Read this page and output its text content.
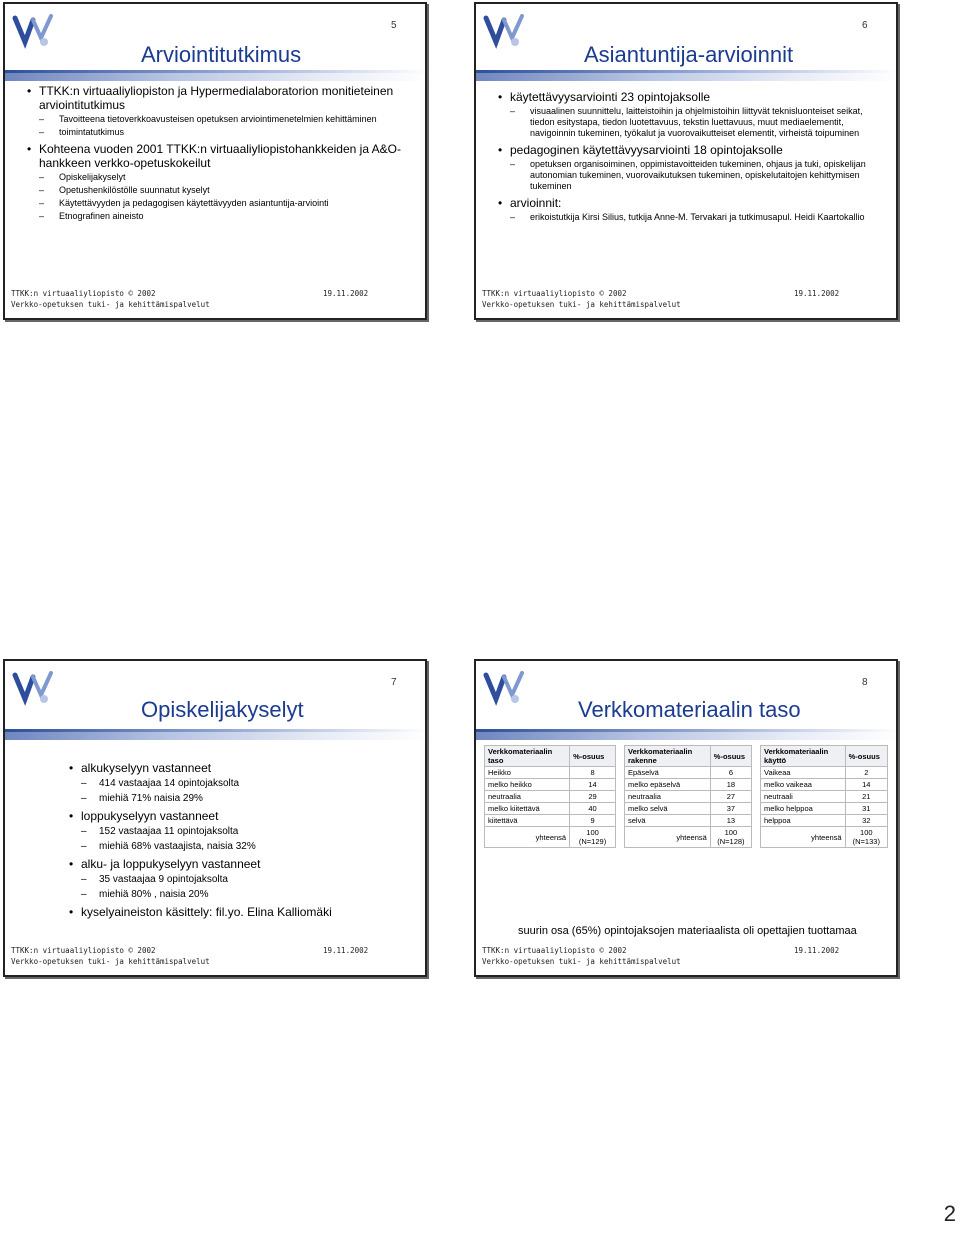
5
Arviointitutkimus
• TTKK:n virtuaaliyliopiston ja Hypermedialaboratorion monitieteinen arviointitutkimus
– Tavoitteena tietoverkkoavusteisen opetuksen arviointimenetelmien kehittäminen
– toimintatutkimus
• Kohteena vuoden 2001 TTKK:n virtuaaliyliopistohankkeiden ja A&O-hankkeen verkko-opetuskokeilut
– Opiskelijakyselyt
– Opetushenkilöstölle suunnatut kyselyt
– Käytettävyyden ja pedagogisen käytettävyyden asiantuntija-arviointi
– Etnografinen aineisto
TTKK:n virtuaaliyliopisto © 2002
Verkko-opetuksen tuki- ja kehittämispalvelut
19.11.2002
6
Asiantuntija-arvioinnit
• käytettävyysarviointi 23 opintojaksolle
– visuaalinen suunnittelu, laitteistoihin ja ohjelmistoihin liittyvät teknisluonteiset seikat, tiedon esitystapa, tiedon luotettavuus, tekstin luettavuus, muut mediaelementit, navigoinnin tukeminen, työkalut ja vuorovaikutteiset elementit, virheistä toipuminen
• pedagoginen käytettävyysarviointi 18 opintojaksolle
– opetuksen organisoiminen, oppimistavoitteiden tukeminen, ohjaus ja tuki, opiskelijan autonomian tukeminen, vuorovaikutuksen tukeminen, opiskelutaitojen kehittymisen tukeminen
• arvioinnit:
– erikoistutkija Kirsi Silius, tutkija Anne-M. Tervakari ja tutkimusapul. Heidi Kaartokallio
TTKK:n virtuaaliyliopisto © 2002
Verkko-opetuksen tuki- ja kehittämispalvelut
19.11.2002
7
Opiskelijakyselyt
• alkukyselyyn vastanneet
– 414 vastaajaa 14 opintojaksolta
– miehiä 71% naisia 29%
• loppukyselyyn vastanneet
– 152 vastaajaa 11 opintojaksolta
– miehiä 68% vastaajista, naisia 32%
• alku- ja loppukyselyyn vastanneet
– 35 vastaajaa 9 opintojaksolta
– miehiä 80% , naisia 20%
• kyselyaineiston käsittely: fil.yo. Elina Kalliomäki
TTKK:n virtuaaliyliopisto © 2002
Verkko-opetuksen tuki- ja kehittämispalvelut
19.11.2002
8
Verkkomateriaalin taso
Verkkomateriaalin taso	%-osuus
Heikko	8
melko heikko	14
neutraalia	29
melko kiitettävä	40
kiitettävä	9
yhteensä	100 (N=129)
Verkkomateriaalin rakenne	%-osuus
Epäselvä	6
melko epäselvä	18
neutraalia	27
melko selvä	37
selvä	13
yhteensä	100 (N=128)
Verkkomateriaalin käyttö	%-osuus
Vaikeaa	2
melko vaikeaa	14
neutraali	21
melko helppoa	31
helppoa	32
yhteensä	100 (N=133)
suurin osa (65%) opintojaksojen materiaalista oli opettajien tuottamaa
TTKK:n virtuaaliyliopisto © 2002
Verkko-opetuksen tuki- ja kehittämispalvelut
19.11.2002
2
